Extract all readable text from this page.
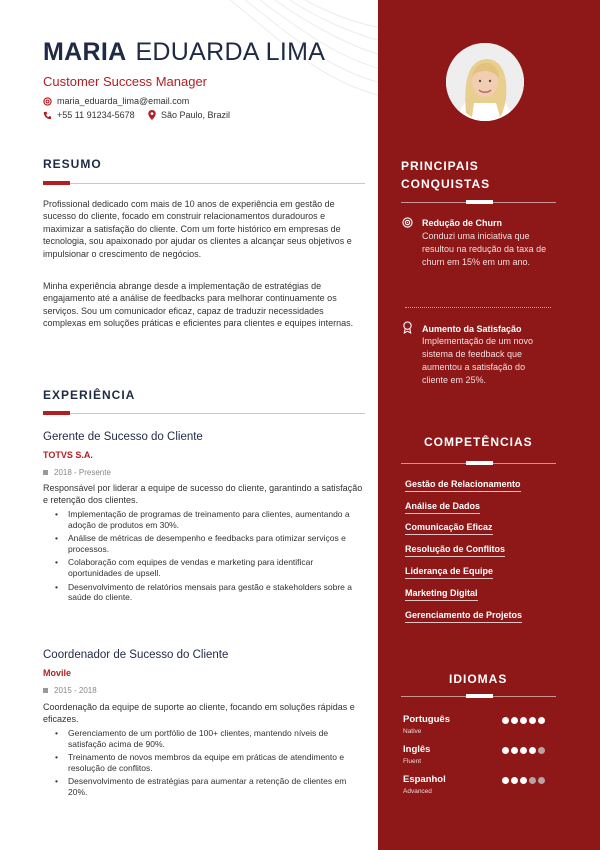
MARIA EDUARDA LIMA
Customer Success Manager
maria_eduarda_lima@email.com
+55 11 91234-5678	São Paulo, Brazil
RESUMO
Profissional dedicado com mais de 10 anos de experiência em gestão de sucesso do cliente, focado em construir relacionamentos duradouros e maximizar a satisfação do cliente. Com um forte histórico em empresas de tecnologia, sou apaixonado por ajudar os clientes a alcançar seus objetivos e impulsionar o crescimento de negócios.
Minha experiência abrange desde a implementação de estratégias de engajamento até a análise de feedbacks para melhorar continuamente os serviços. Sou um comunicador eficaz, capaz de traduzir necessidades complexas em soluções práticas e eficientes para clientes e equipes internas.
EXPERIÊNCIA
Gerente de Sucesso do Cliente
TOTVS S.A.
2018 - Presente
Responsável por liderar a equipe de sucesso do cliente, garantindo a satisfação e retenção dos clientes.
• Implementação de programas de treinamento para clientes, aumentando a adoção de produtos em 30%.
• Análise de métricas de desempenho e feedbacks para otimizar serviços e processos.
• Colaboração com equipes de vendas e marketing para identificar oportunidades de upsell.
• Desenvolvimento de relatórios mensais para gestão e stakeholders sobre a saúde do cliente.
Coordenador de Sucesso do Cliente
Movile
2015 - 2018
Coordenação da equipe de suporte ao cliente, focando em soluções rápidas e eficazes.
• Gerenciamento de um portfólio de 100+ clientes, mantendo níveis de satisfação acima de 90%.
• Treinamento de novos membros da equipe em práticas de atendimento e resolução de conflitos.
• Desenvolvimento de estratégias para aumentar a retenção de clientes em 20%.
PRINCIPAIS
CONQUISTAS
Redução de Churn
Conduzi uma iniciativa que resultou na redução da taxa de churn em 15% em um ano.
Aumento da Satisfação
Implementação de um novo sistema de feedback que aumentou a satisfação do cliente em 25%.
COMPETÊNCIAS
Gestão de Relacionamento
Análise de Dados
Comunicação Eficaz
Resolução de Conflitos
Liderança de Equipe
Marketing Digital
Gerenciamento de Projetos
IDIOMAS
Português
Native
Inglês
Fluent
Espanhol
Advanced
